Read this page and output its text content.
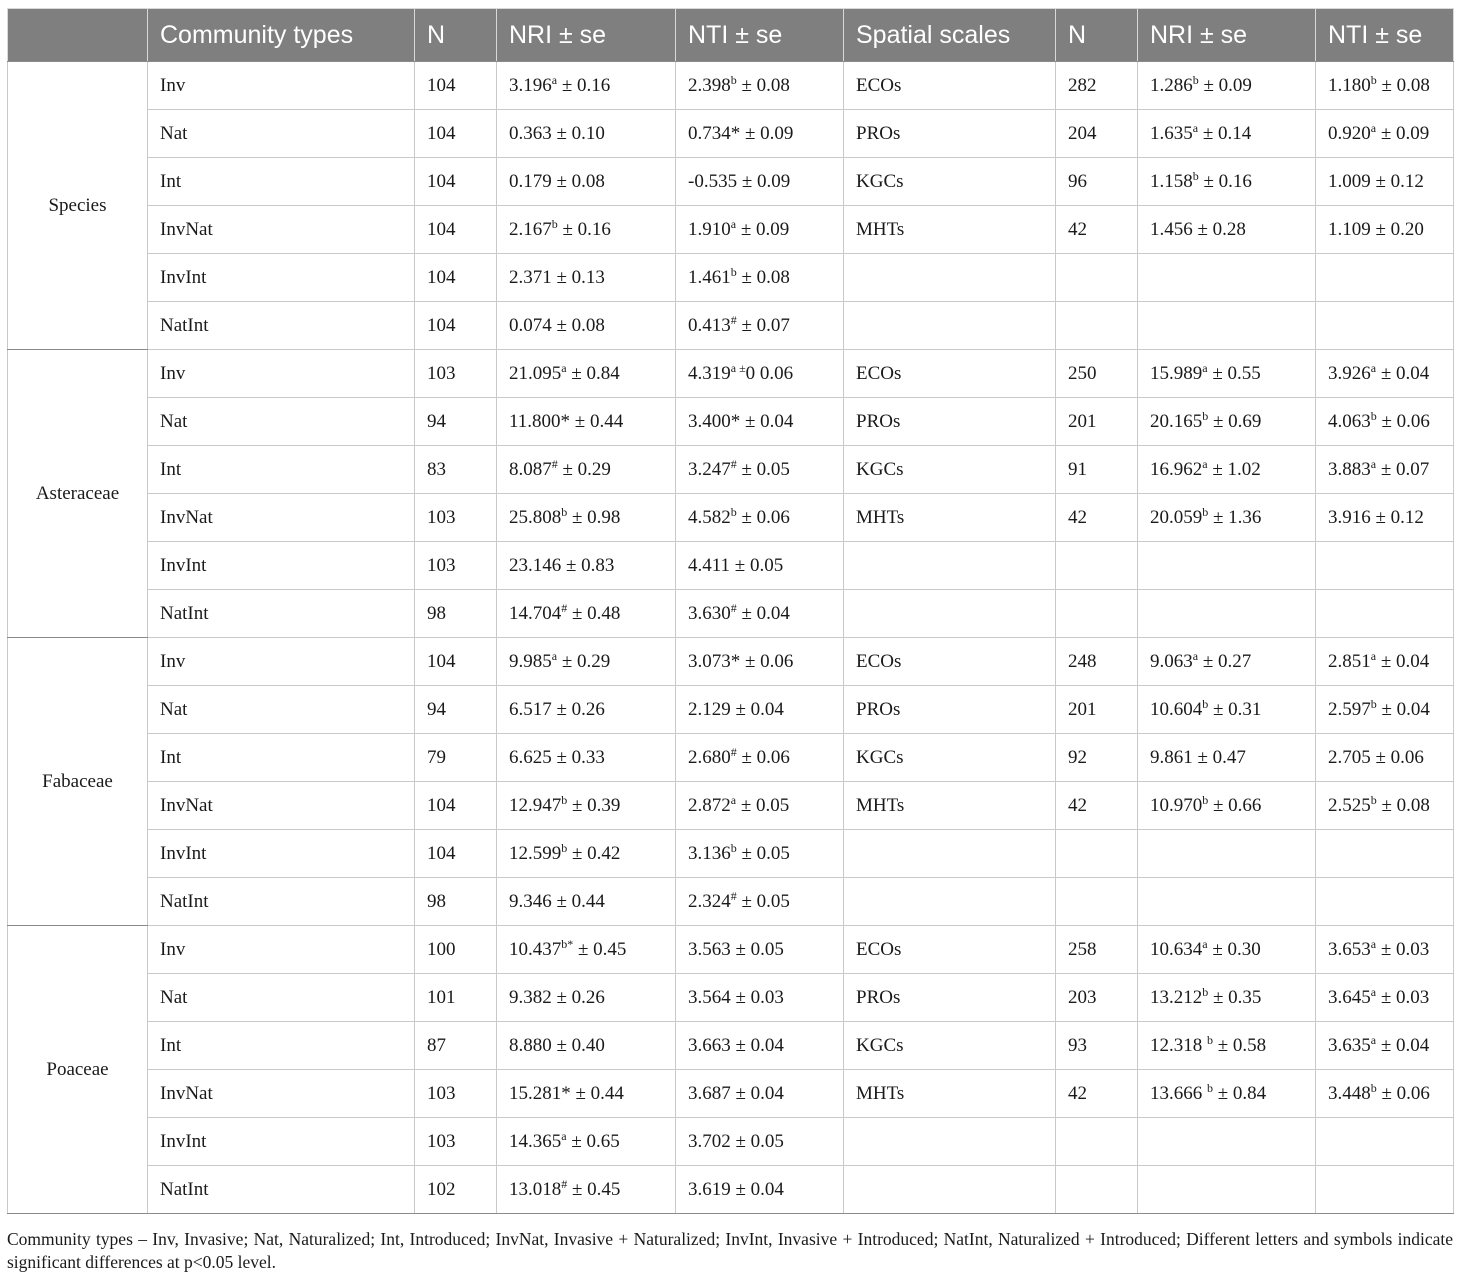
	Community types	N	NRI ± se	NTI ± se	Spatial scales	N	NRI ± se	NTI ± se
Species	Inv	104	3.196$^a$ ± 0.16	2.398$^b$ ± 0.08	ECOs	282	1.286$^b$ ± 0.09	1.180$^b$ ± 0.08
	Nat	104	0.363 ± 0.10	0.734* ± 0.09	PROs	204	1.635$^a$ ± 0.14	0.920$^a$ ± 0.09
	Int	104	0.179 ± 0.08	-0.535 ± 0.09	KGCs	96	1.158$^b$ ± 0.16	1.009 ± 0.12
	InvNat	104	2.167$^b$ ± 0.16	1.910$^a$ ± 0.09	MHTs	42	1.456 ± 0.28	1.109 ± 0.20
	InvInt	104	2.371 ± 0.13	1.461$^b$ ± 0.08				
	NatInt	104	0.074 ± 0.08	0.413# ± 0.07				
Asteraceae	Inv	103	21.095$^a$ ± 0.84	$4.319^{a \pm}0$ 0.06	ECOs	250	15.989$^a$ ± 0.55	3.926$^a$ ± 0.04
	Nat	94	11.800* ± 0.44	3.400* ± 0.04	PROs	201	20.165$^b$ ± 0.69	4.063$^b$ ± 0.06
	Int	83	8.087# ± 0.29	3.247# ± 0.05	KGCs	91	16.962$^a$ ± 1.02	3.883$^a$ ± 0.07
	InvNat	103	25.808$^b$ ± 0.98	4.582$^b$ ± 0.06	MHTs	42	20.059$^b$ ± 1.36	3.916 ± 0.12
	InvInt	103	23.146 ± 0.83	4.411 ± 0.05				
	NatInt	98	14.704# ± 0.48	3.630# ± 0.04				
Fabaceae	Inv	104	9.985$^a$ ± 0.29	3.073* ± 0.06	ECOs	248	9.063$^a$ ± 0.27	2.851$^a$ ± 0.04
	Nat	94	6.517 ± 0.26	2.129 ± 0.04	PROs	201	10.604$^b$ ± 0.31	2.597$^b$ ± 0.04
	Int	79	6.625 ± 0.33	2.680# ± 0.06	KGCs	92	9.861 ± 0.47	2.705 ± 0.06
	InvNat	104	12.947$^b$ ± 0.39	2.872$^a$ ± 0.05	MHTs	42	10.970$^b$ ± 0.66	2.525$^b$ ± 0.08
	InvInt	104	12.599$^b$ ± 0.42	3.136$^b$ ± 0.05				
	NatInt	98	9.346 ± 0.44	2.324# ± 0.05				
Poaceae	Inv	100	$10.437^{b*} \pm 0.45$	3.563 ± 0.05	ECOs	258	10.634$^a$ ± 0.30	3.653$^a$ ± 0.03
	Nat	101	9.382 ± 0.26	3.564 ± 0.03	PROs	203	13.212$^b$ ± 0.35	3.645$^a$ ± 0.03
	Int	87	8.880 ± 0.40	3.663 ± 0.04	KGCs	93	12.318 $^b$ ± 0.58	3.635$^a$ ± 0.04
	InvNat	103	15.281* ± 0.44	3.687 ± 0.04	MHTs	42	13.666 $^b$ ± 0.84	3.448$^b$ ± 0.06
	InvInt	103	14.365$^a$ ± 0.65	3.702 ± 0.05				
	NatInt	102	13.018# ± 0.45	3.619 ± 0.04				
Community types – Inv, Invasive; Nat, Naturalized; Int, Introduced; InvNat, Invasive + Naturalized; InvInt, Invasive + Introduced; NatInt, Naturalized + Introduced; Different letters and symbols indicate significant differences at p<0.05 level.
